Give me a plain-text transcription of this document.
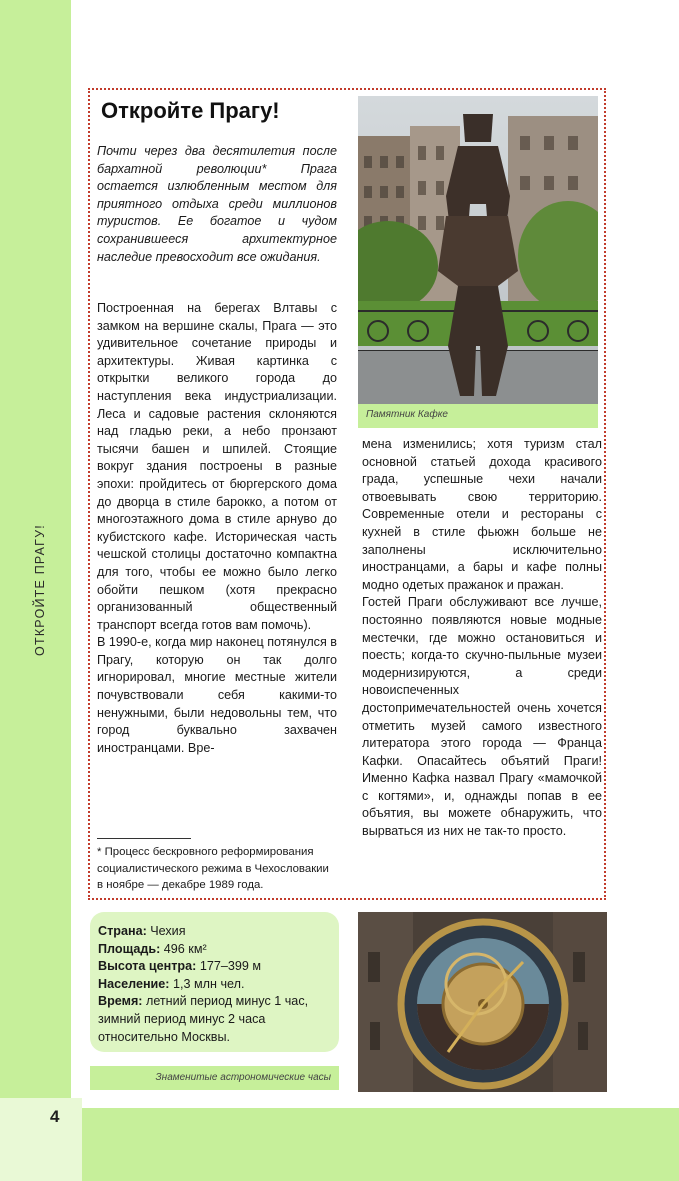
ОТКРОЙТЕ ПРАГУ!
4
Откройте Прагу!

Почти через два десятилетия после бархатной революции* Прага остается излюбленным местом для приятного отдыха среди миллионов туристов. Ее богатое и чудом сохранившееся архитектурное наследие превосходит все ожидания.

Построенная на берегах Влтавы с замком на вершине скалы, Прага — это удивительное сочетание природы и архитектуры. Живая картинка с открытки великого города до наступления века индустриализации. Леса и садовые растения склоняются над гладью реки, а небо пронзают тысячи башен и шпилей. Стоящие вокруг здания построены в разные эпохи: пройдитесь от бюргерского дома до дворца в стиле барокко, а потом от многоэтажного дома в стиле арнуво до кубистского кафе. Историческая часть чешской столицы достаточно компактна для того, чтобы ее можно было легко обойти пешком (хотя прекрасно организованный общественный транспорт всегда готов вам помочь).

В 1990-е, когда мир наконец потянулся в Прагу, которую он так долго игнорировал, многие местные жители почувствовали себя какими-то ненужными, были недовольны тем, что город буквально захвачен иностранцами. Вре-

* Процесс бескровного реформирования социалистического режима в Чехословакии в ноябре — декабре 1989 года.
Памятник Кафке

мена изменились; хотя туризм стал основной статьей дохода красивого града, успешные чехи начали отвоевывать свою территорию. Современные отели и рестораны с кухней в стиле фьюжн больше не заполнены исключительно иностранцами, а бары и кафе полны модно одетых пражанок и пражан.

Гостей Праги обслуживают все лучше, постоянно появляются новые модные местечки, где можно остановиться и поесть; когда-то скучно-пыльные музеи модернизируются, а среди новоиспеченных достопримечательностей очень хочется отметить музей самого известного литератора этого города — Франца Кафки. Опасайтесь объятий Праги! Именно Кафка назвал Прагу «мамочкой с когтями», и, однажды попав в ее объятия, вы можете обнаружить, что вырваться из них не так-то просто.

Страна: Чехия
Площадь: 496 км²
Высота центра: 177–399 м
Население: 1,3 млн чел.
Время: летний период минус 1 час, зимний период минус 2 часа относительно Москвы.
Знаменитые астрономические часы
